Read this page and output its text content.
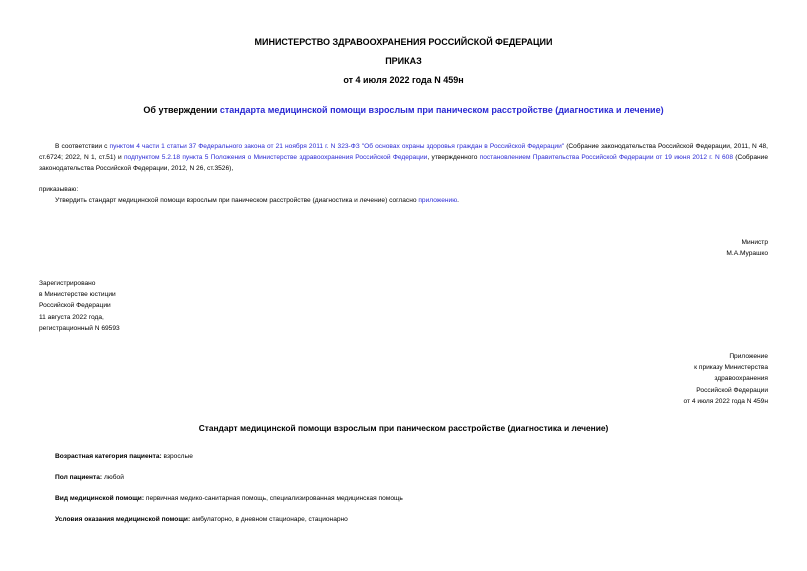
МИНИСТЕРСТВО ЗДРАВООХРАНЕНИЯ РОССИЙСКОЙ ФЕДЕРАЦИИ
ПРИКАЗ
от 4 июля 2022 года N 459н
Об утверждении стандарта медицинской помощи взрослым при паническом расстройстве (диагностика и лечение)
В соответствии с пунктом 4 части 1 статьи 37 Федерального закона от 21 ноября 2011 г. N 323-ФЗ "Об основах охраны здоровья граждан в Российской Федерации" (Собрание законодательства Российской Федерации, 2011, N 48, ст.6724; 2022, N 1, ст.51) и подпунктом 5.2.18 пункта 5 Положения о Министерстве здравоохранения Российской Федерации, утвержденного постановлением Правительства Российской Федерации от 19 июня 2012 г. N 608 (Собрание законодательства Российской Федерации, 2012, N 26, ст.3526),
приказываю:
Утвердить стандарт медицинской помощи взрослым при паническом расстройстве (диагностика и лечение) согласно приложению.
Министр
М.А.Мурашко
Зарегистрировано
в Министерстве юстиции
Российской Федерации
11 августа 2022 года,
регистрационный N 69593
Приложение
к приказу Министерства
здравоохранения
Российской Федерации
от 4 июля 2022 года N 459н
Стандарт медицинской помощи взрослым при паническом расстройстве (диагностика и лечение)
Возрастная категория пациента: взрослые
Пол пациента: любой
Вид медицинской помощи: первичная медико-санитарная помощь, специализированная медицинская помощь
Условия оказания медицинской помощи: амбулаторно, в дневном стационаре, стационарно
